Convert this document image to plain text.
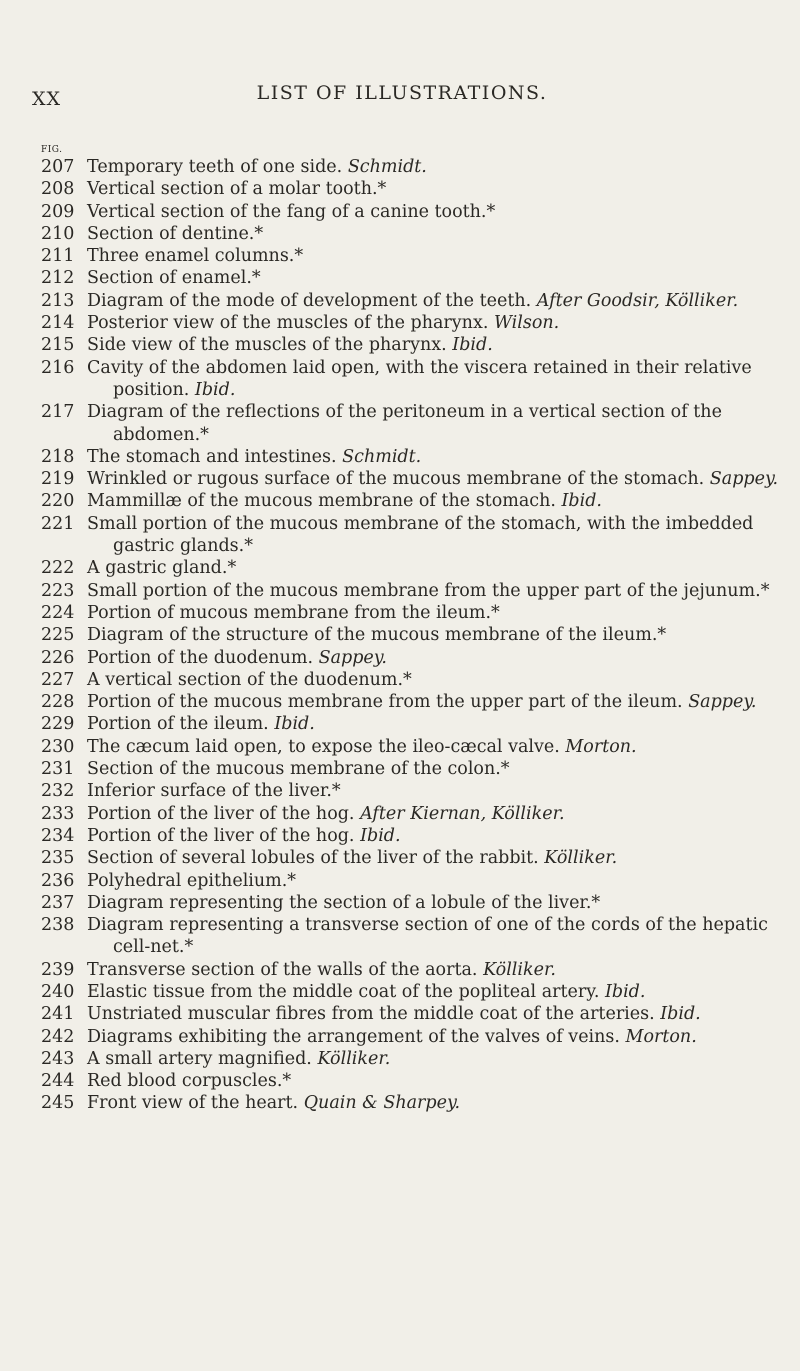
XX	LIST OF ILLUSTRATIONS.
FIG.
207 Temporary teeth of one side. Schmidt.
208 Vertical section of a molar tooth.*
209 Vertical section of the fang of a canine tooth.*
210 Section of dentine.*
211 Three enamel columns.*
212 Section of enamel.*
213 Diagram of the mode of development of the teeth. After Goodsir, Kölliker.
214 Posterior view of the muscles of the pharynx. Wilson.
215 Side view of the muscles of the pharynx. Ibid.
216 Cavity of the abdomen laid open, with the viscera retained in their relative position. Ibid.
217 Diagram of the reflections of the peritoneum in a vertical section of the abdomen.*
218 The stomach and intestines. Schmidt.
219 Wrinkled or rugous surface of the mucous membrane of the stomach. Sappey.
220 Mammillæ of the mucous membrane of the stomach. Ibid.
221 Small portion of the mucous membrane of the stomach, with the imbedded gastric glands.*
222 A gastric gland.*
223 Small portion of the mucous membrane from the upper part of the jejunum.*
224 Portion of mucous membrane from the ileum.*
225 Diagram of the structure of the mucous membrane of the ileum.*
226 Portion of the duodenum. Sappey.
227 A vertical section of the duodenum.*
228 Portion of the mucous membrane from the upper part of the ileum. Sappey.
229 Portion of the ileum. Ibid.
230 The cæcum laid open, to expose the ileo-cæcal valve. Morton.
231 Section of the mucous membrane of the colon.*
232 Inferior surface of the liver.*
233 Portion of the liver of the hog. After Kiernan, Kölliker.
234 Portion of the liver of the hog. Ibid.
235 Section of several lobules of the liver of the rabbit. Kölliker.
236 Polyhedral epithelium.*
237 Diagram representing the section of a lobule of the liver.*
238 Diagram representing a transverse section of one of the cords of the hepatic cell-net.*
239 Transverse section of the walls of the aorta. Kölliker.
240 Elastic tissue from the middle coat of the popliteal artery. Ibid.
241 Unstriated muscular fibres from the middle coat of the arteries. Ibid.
242 Diagrams exhibiting the arrangement of the valves of veins. Morton.
243 A small artery magnified. Kölliker.
244 Red blood corpuscles.*
245 Front view of the heart. Quain & Sharpey.
